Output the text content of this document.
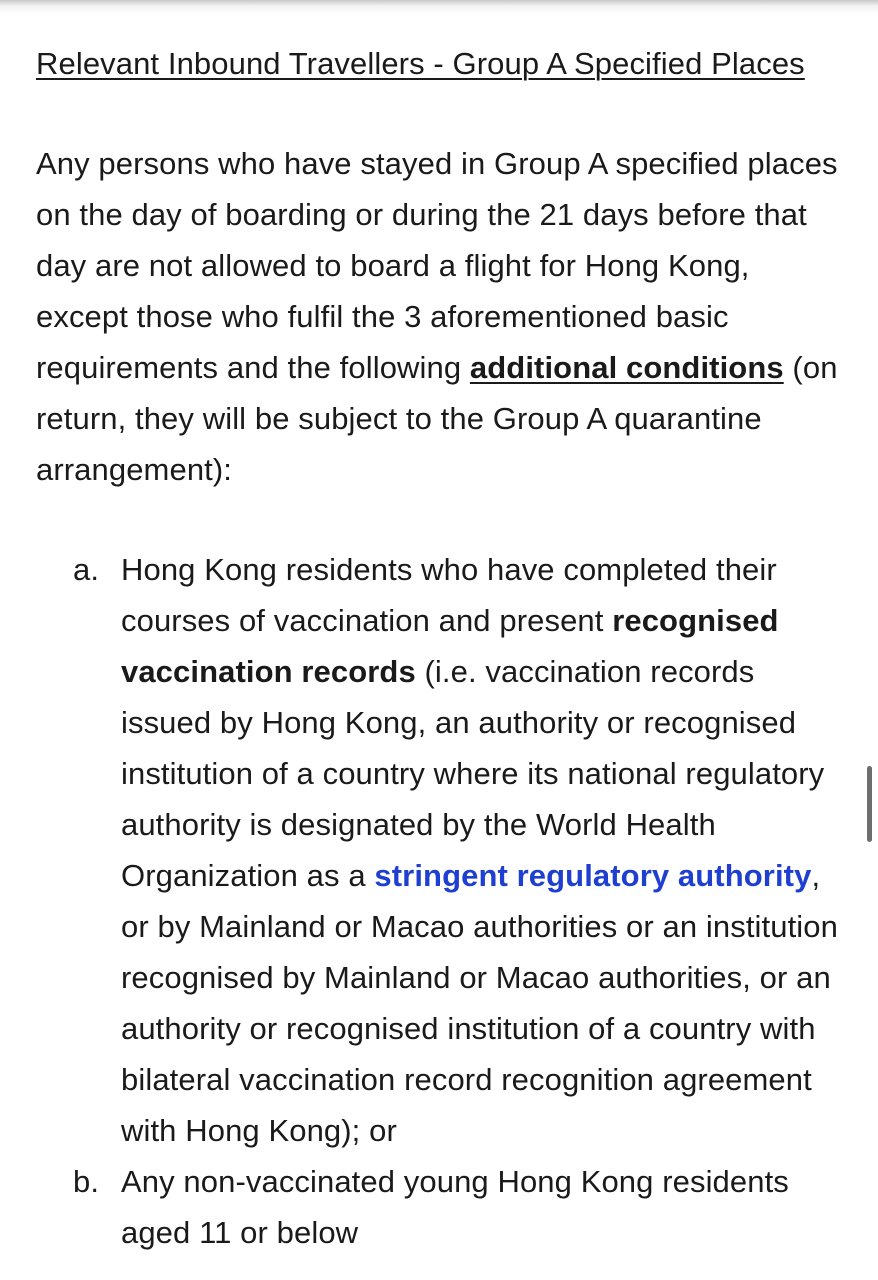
Relevant Inbound Travellers - Group A Specified Places

Any persons who have stayed in Group A specified places on the day of boarding or during the 21 days before that day are not allowed to board a flight for Hong Kong, except those who fulfil the 3 aforementioned basic requirements and the following additional conditions (on return, they will be subject to the Group A quarantine arrangement):

a. Hong Kong residents who have completed their courses of vaccination and present recognised vaccination records (i.e. vaccination records issued by Hong Kong, an authority or recognised institution of a country where its national regulatory authority is designated by the World Health Organization as a stringent regulatory authority, or by Mainland or Macao authorities or an institution recognised by Mainland or Macao authorities, or an authority or recognised institution of a country with bilateral vaccination record recognition agreement with Hong Kong); or
b. Any non-vaccinated young Hong Kong residents aged 11 or below
